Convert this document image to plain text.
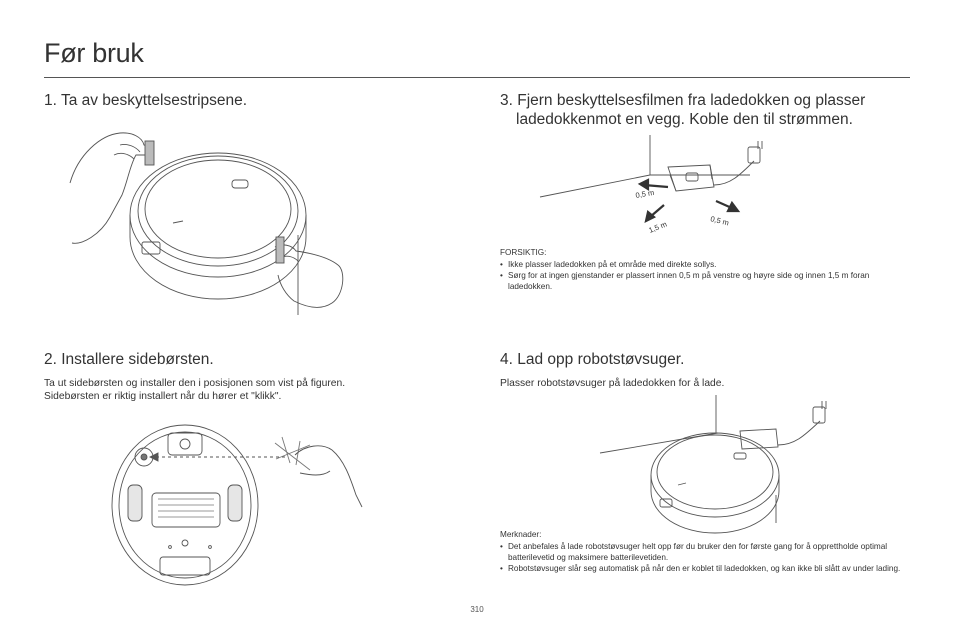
Før bruk
1. Ta av beskyttelsestripsene.
2. Installere sidebørsten.

Ta ut sidebørsten og installer den i posisjonen som vist på figuren.

Sidebørsten er riktig installert når du hører et "klikk".

3. Fjern beskyttelsesfilmen fra ladedokken og plasser
ladedokkenmot en vegg. Koble den til strømmen.
0,5 m
0,5 m
1,5 m
FORSIKTIG:
• Ikke plasser ladedokken på et område med direkte sollys.
• Sørg for at ingen gjenstander er plassert innen 0,5 m på venstre og høyre side og innen 1,5 m foran ladedokken.
4. Lad opp robotstøvsuger.

Plasser robotstøvsuger på ladedokken for å lade.

Merknader:
• Det anbefales å lade robotstøvsuger helt opp før du bruker den for første gang for å opprettholde optimal batterilevetid og maksimere batterilevetiden.
• Robotstøvsuger slår seg automatisk på når den er koblet til ladedokken, og kan ikke bli slått av under lading.
310
